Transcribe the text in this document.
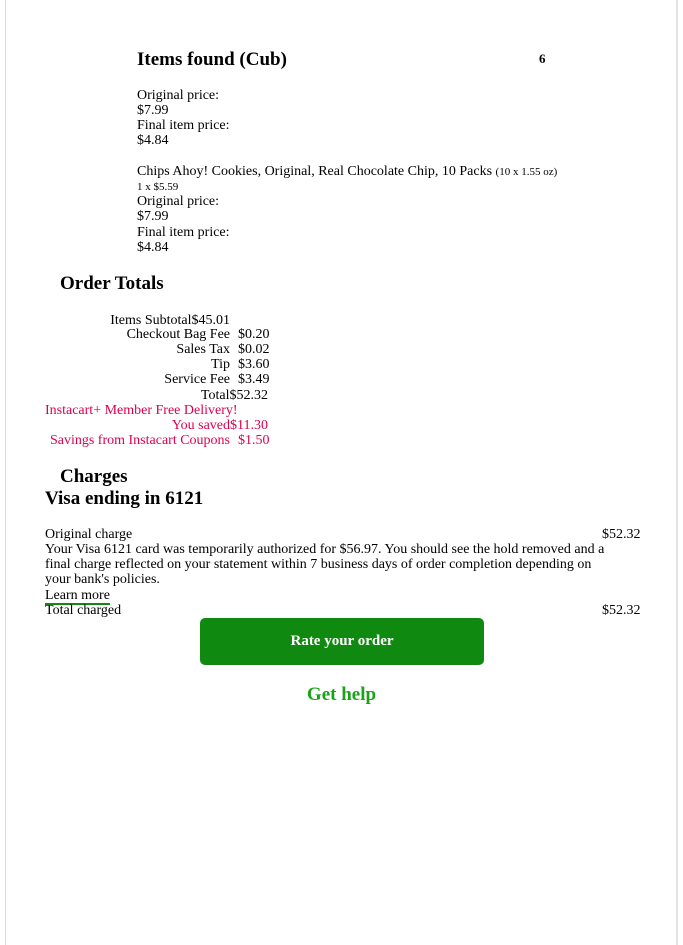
Items found (Cub)	6
Original price:
$7.99
Final item price:
$4.84
Chips Ahoy! Cookies, Original, Real Chocolate Chip, 10 Packs (10 x 1.55 oz)
1 x $5.59
Original price:
$7.99
Final item price:
$4.84
Order Totals
Items Subtotal$45.01
Checkout Bag Fee $0.20
Sales Tax $0.02
Tip $3.60
Service Fee $3.49
Total$52.32
Instacart+ Member Free Delivery!
You saved$11.30
Savings from Instacart Coupons $1.50
Charges
Visa ending in 6121
Original charge	$52.32
Your Visa 6121 card was temporarily authorized for $56.97. You should see the hold removed and a final charge reflected on your statement within 7 business days of order completion depending on your bank's policies.
Learn more
Total charged	$52.32
Rate your order
Get help
